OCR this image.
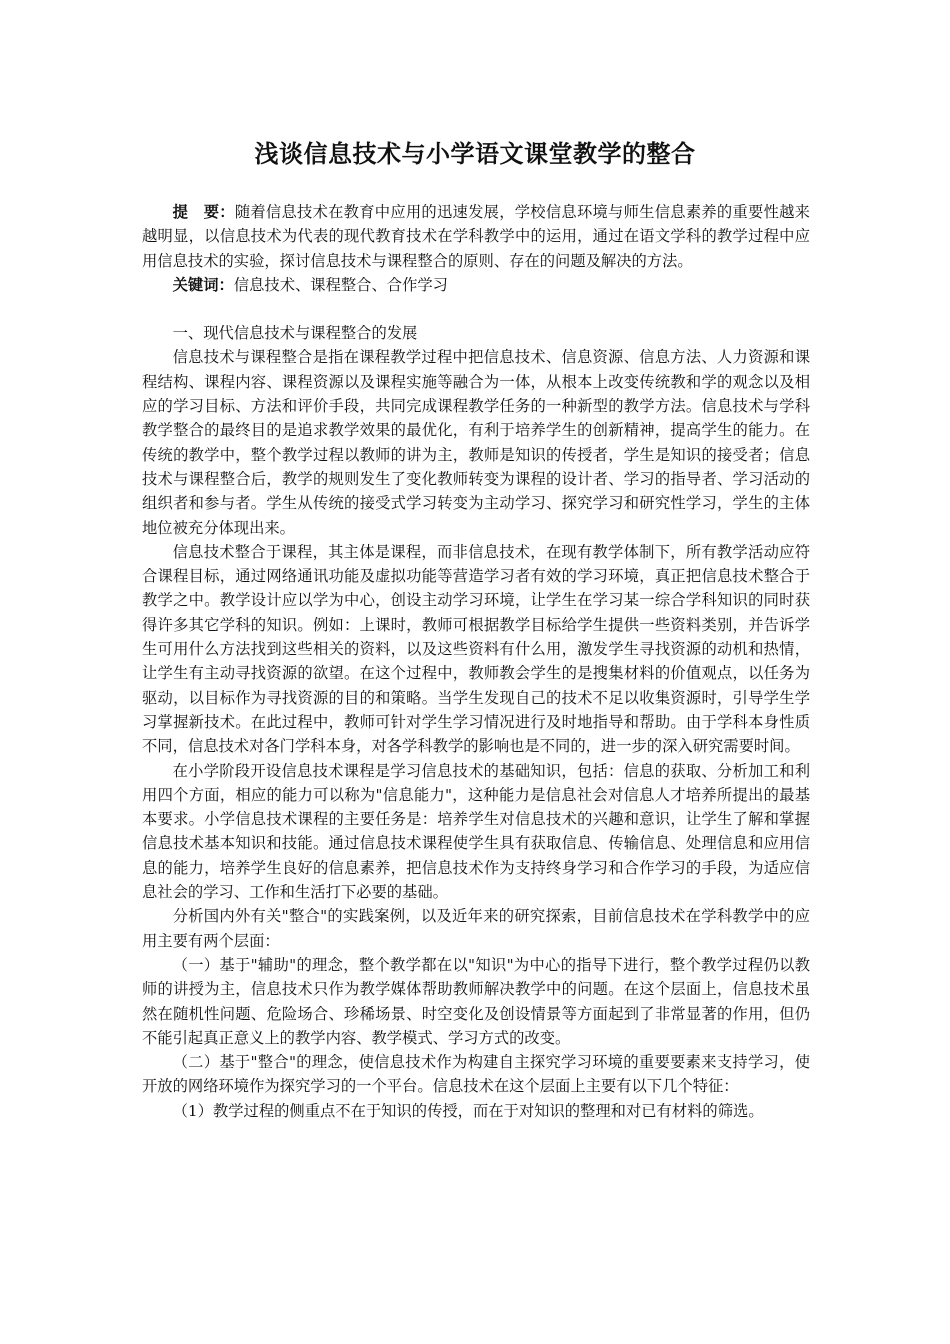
浅谈信息技术与小学语文课堂教学的整合

提　要：随着信息技术在教育中应用的迅速发展，学校信息环境与师生信息素养的重要性越来越明显，以信息技术为代表的现代教育技术在学科教学中的运用，通过在语文学科的教学过程中应用信息技术的实验，探讨信息技术与课程整合的原则、存在的问题及解决的方法。

关键词：信息技术、课程整合、合作学习

一、现代信息技术与课程整合的发展

信息技术与课程整合是指在课程教学过程中把信息技术、信息资源、信息方法、人力资源和课程结构、课程内容、课程资源以及课程实施等融合为一体，从根本上改变传统教和学的观念以及相应的学习目标、方法和评价手段，共同完成课程教学任务的一种新型的教学方法。信息技术与学科教学整合的最终目的是追求教学效果的最优化，有利于培养学生的创新精神，提高学生的能力。在传统的教学中，整个教学过程以教师的讲为主，教师是知识的传授者，学生是知识的接受者；信息技术与课程整合后，教学的规则发生了变化教师转变为课程的设计者、学习的指导者、学习活动的组织者和参与者。学生从传统的接受式学习转变为主动学习、探究学习和研究性学习，学生的主体地位被充分体现出来。

信息技术整合于课程，其主体是课程，而非信息技术，在现有教学体制下，所有教学活动应符合课程目标，通过网络通讯功能及虚拟功能等营造学习者有效的学习环境，真正把信息技术整合于教学之中。教学设计应以学为中心，创设主动学习环境，让学生在学习某一综合学科知识的同时获得许多其它学科的知识。例如：上课时，教师可根据教学目标给学生提供一些资料类别，并告诉学生可用什么方法找到这些相关的资料，以及这些资料有什么用，激发学生寻找资源的动机和热情，让学生有主动寻找资源的欲望。在这个过程中，教师教会学生的是搜集材料的价值观点，以任务为驱动，以目标作为寻找资源的目的和策略。当学生发现自己的技术不足以收集资源时，引导学生学习掌握新技术。在此过程中，教师可针对学生学习情况进行及时地指导和帮助。由于学科本身性质不同，信息技术对各门学科本身，对各学科教学的影响也是不同的，进一步的深入研究需要时间。

在小学阶段开设信息技术课程是学习信息技术的基础知识，包括：信息的获取、分析加工和利用四个方面，相应的能力可以称为"信息能力"，这种能力是信息社会对信息人才培养所提出的最基本要求。小学信息技术课程的主要任务是：培养学生对信息技术的兴趣和意识，让学生了解和掌握信息技术基本知识和技能。通过信息技术课程使学生具有获取信息、传输信息、处理信息和应用信息的能力，培养学生良好的信息素养，把信息技术作为支持终身学习和合作学习的手段，为适应信息社会的学习、工作和生活打下必要的基础。

分析国内外有关"整合"的实践案例，以及近年来的研究探索，目前信息技术在学科教学中的应用主要有两个层面：

（一）基于"辅助"的理念，整个教学都在以"知识"为中心的指导下进行，整个教学过程仍以教师的讲授为主，信息技术只作为教学媒体帮助教师解决教学中的问题。在这个层面上，信息技术虽然在随机性问题、危险场合、珍稀场景、时空变化及创设情景等方面起到了非常显著的作用，但仍不能引起真正意义上的教学内容、教学模式、学习方式的改变。

（二）基于"整合"的理念，使信息技术作为构建自主探究学习环境的重要要素来支持学习，使开放的网络环境作为探究学习的一个平台。信息技术在这个层面上主要有以下几个特征：

（1）教学过程的侧重点不在于知识的传授，而在于对知识的整理和对已有材料的筛选。
